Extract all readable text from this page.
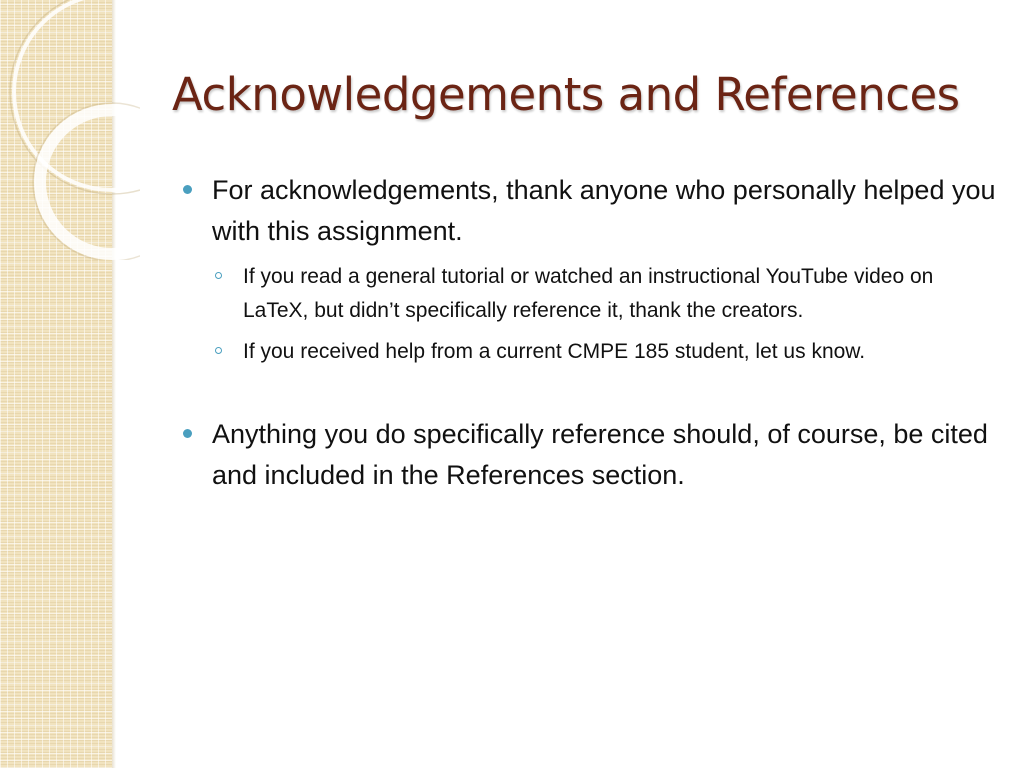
Acknowledgements and References
For acknowledgements, thank anyone who personally helped you with this assignment.
If you read a general tutorial or watched an instructional YouTube video on LaTeX, but didn’t specifically reference it, thank the creators.
If you received help from a current CMPE 185 student, let us know.
Anything you do specifically reference should, of course, be cited and included in the References section.
